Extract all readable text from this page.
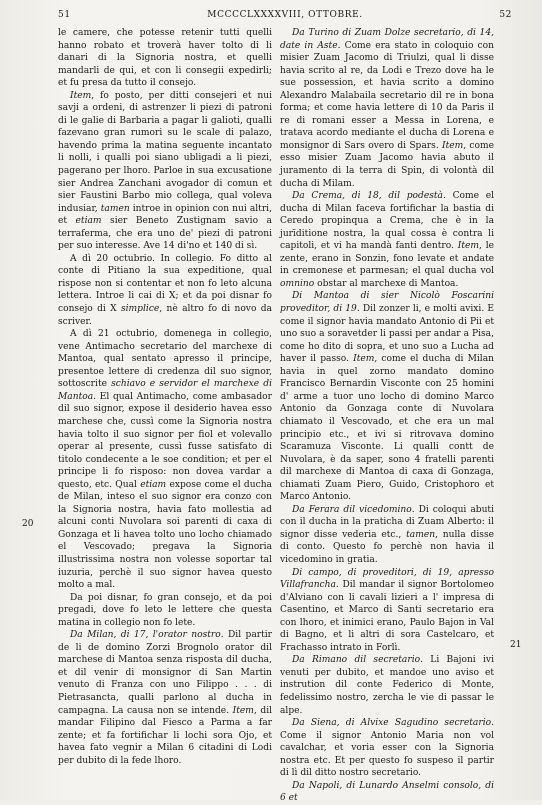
51	MCCCCLXXXXVIII, OTTOBRE.	52
20
21

le camere, che potesse retenir tutti quelli hanno robato et troverà haver tolto di li danari di la Signoria nostra, et quelli mandarli de qui, et con li consegii expedirli; et fu presa da tutto il consejo.

Item, fo posto, per ditti consejeri et nui savji a ordeni, di astrenzer li piezi di patroni di le galie di Barbaria a pagar li galioti, qualli fazevano gran rumori su le scale di palazo, havendo prima la matina seguente incantato li nolli, i qualli poi siano ubligadi a li piezi, pagerano per lhoro. Parloe in sua excusatione sier Andrea Zanchani avogador di comun et sier Faustini Barbo mio collega, qual voleva indusiar, tamen introe in opinion con nui altri, et etiam sier Beneto Zustignam savio a terraferma, che era uno de' piezi di patroni per suo interesse. Ave 14 di'no et 140 di sì.

A dì 20 octubrio. In collegio. Fo ditto al conte di Pitiano la sua expeditione, qual rispose non si contentar et non fo leto alcuna lettera. Introe li cai di X; et da poi disnar fo consejo di X simplice, nè altro fo di novo da scriver.

A dì 21 octubrio, domenega in collegio, vene Antimacho secretario del marchexe di Mantoa, qual sentato apresso il principe, presentoe lettere di credenza dil suo signor, sottoscrite schiavo e servidor el marchexe di Mantoa. El qual Antimacho, come ambasador dil suo signor, expose il desiderio havea esso marchese che, cussì come la Signoria nostra havia tolto il suo signor per fiol et volevallo operar al presente, cussì fusse satisfato di titolo condecente a le soe condition; et per el principe li fo risposo: non dovea vardar a questo, etc. Qual etiam expose come el ducha de Milan, inteso el suo signor era conzo con la Signoria nostra, havia fato mollestia ad alcuni conti Nuvolara soi parenti di caxa di Gonzaga et li havea tolto uno locho chiamado el Vescovado; pregava la Signoria illustrissima nostra non volesse soportar tal iuzuria, perchè il suo signor havea questo molto a mal.

Da poi disnar, fo gran consejo, et da poi pregadi, dove fo leto le lettere che questa matina in collegio non fo lete.

Da Milan, di 17, l'orator nostro. Dil partir de li de domino Zorzi Brognolo orator dil marchese di Mantoa senza risposta dil ducha, et dil venir di monsignor di San Martin venuto di Franza con uno Filippo . . . di Pietrasancta, qualli parlono al ducha in campagna. La causa non se intende. Item, dil mandar Filipino dal Fiesco a Parma a far zente; et fa fortifichar li lochi sora Ojo, et havea fato vegnir a Milan 6 citadini di Lodi per dubito di la fede lhoro.

Da Turino di Zuam Dolze secretario, di 14, date in Aste. Come era stato in coloquio con misier Zuam Jacomo di Triulzi, qual li disse havia scrito al re, da Lodi e Trezo dove ha le sue possession, et havia scrito a domino Alexandro Malabaila secretario dil re in bona forma; et come havia lettere di 10 da Paris il re di romani esser a Messa in Lorena, e tratava acordo mediante el ducha di Lorena e monsignor di Sars overo di Spars. Item, come esso misier Zuam Jacomo havia abuto il juramento di la terra di Spin, di volontà dil ducha di Milam.

Da Crema, di 18, dil podestà. Come el ducha di Milan faceva fortifichar la bastia di Ceredo propinqua a Crema, che è in la jurīditione nostra, la qual cossa è contra li capitoli, et vi ha mandà fanti dentro. Item, le zente, erano in Sonzin, fono levate et andate in cremonese et parmesan; el qual ducha vol omnino obstar al marchexe di Mantoa.

Di Mantoa di sier Nicolò Foscarini proveditor, di 19. Dil zonzer li, e molti avixi. E come il signor havia mandato Antonio di Pii et uno suo a soravetder li passi per andar a Pisa, come ho dito di sopra, et uno suo a Lucha ad haver il passo. Item, come el ducha di Milan havia in quel zorno mandato domino Francisco Bernardin Visconte con 25 homini d' arme a tuor uno locho di domino Marco Antonio da Gonzaga conte di Nuvolara chiamato il Vescovado, et che era un mal principio etc., et ivi si ritrovava domino Scaramuza Visconte. Li qualli contt de Nuvolara, è da saper, sono 4 fratelli parenti dil marchexe di Mantoa di caxa di Gonzaga, chiamati Zuam Piero, Guido, Cristophoro et Marco Antonio.

Da Ferara dil vicedomino. Di coloqui abuti con il ducha in la praticha di Zuam Alberto: il signor disse vederia etc., tamen, nulla disse di conto. Questo fo perchè non havia il vicedomino in gratia.

Di campo, di proveditori, di 19, apresso Villafrancha. Dil mandar il signor Bortolomeo d'Alviano con li cavali lizieri a l' impresa di Casentino, et Marco di Santi secretario era con lhoro, et inimici erano, Paulo Bajon in Val di Bagno, et li altri di sora Castelcaro, et Frachasso intrato in Forlì.

Da Rimano dil secretario. Li Bajoni ivi venuti per dubito, et mandoe uno aviso et instrution dil conte Federico di Monte, fedelissimo nostro, zercha le vie di passar le alpe.

Da Siena, di Alvixe Sagudino secretario. Come il signor Antonio Maria non vol cavalchar, et voria esser con la Signoria nostra etc. Et per questo fo suspeso il partir di lì dil ditto nostro secretario.

Da Napoli, di Lunardo Anselmi consolo, di 6 et
